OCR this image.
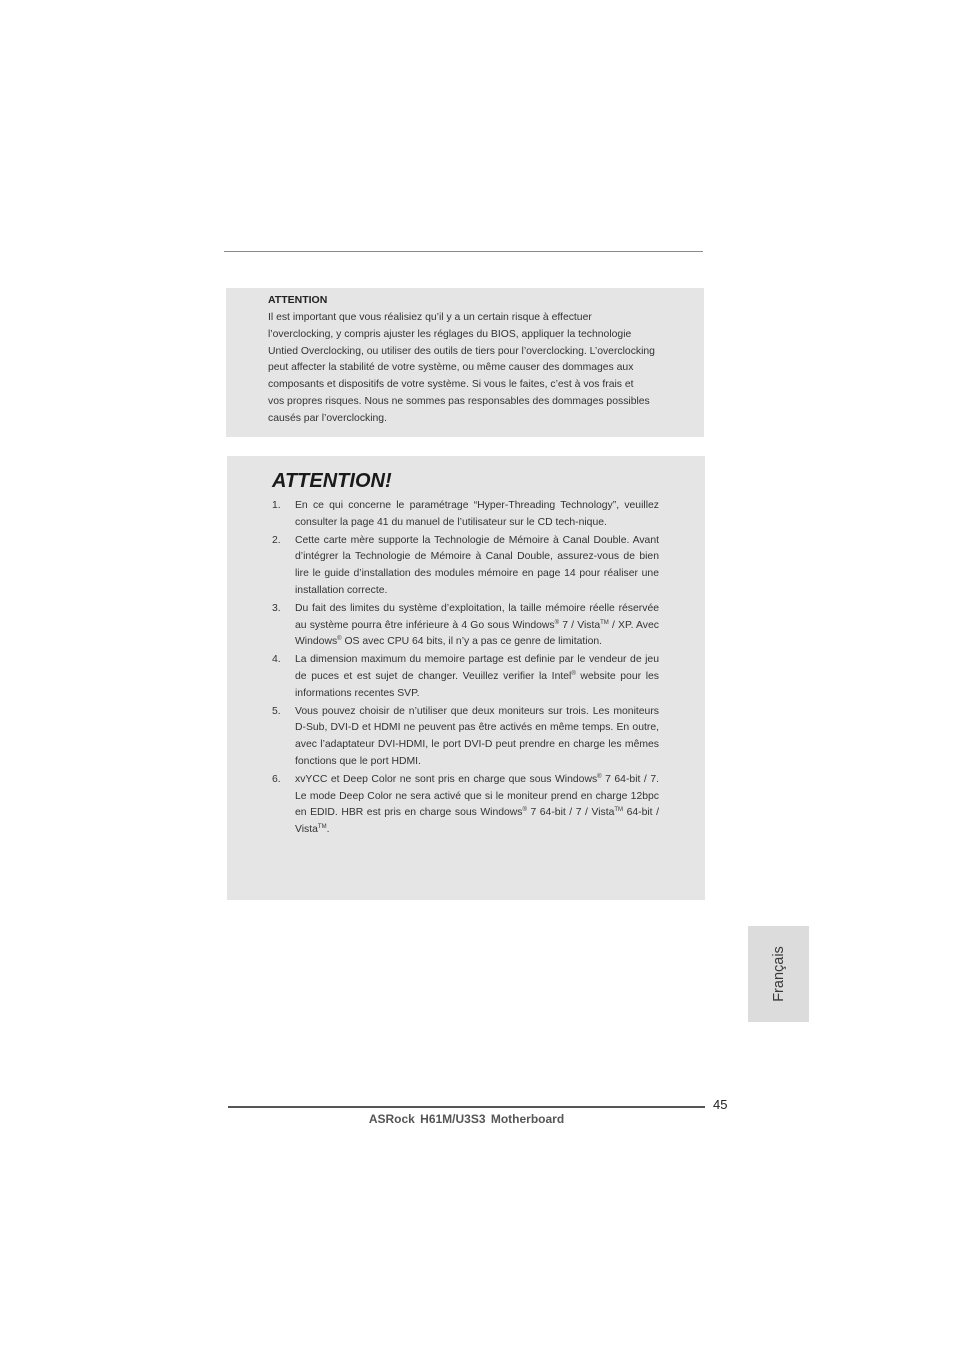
ATTENTION

Il est important que vous réalisiez qu’il y a un certain risque à effectuer
l’overclocking, y compris ajuster les réglages du BIOS, appliquer la technologie
Untied Overclocking, ou utiliser des outils de tiers pour l’overclocking. L’overclocking
peut affecter la stabilité de votre système, ou même causer des dommages aux
composants et dispositifs de votre système. Si vous le faites, c’est à vos frais et
vos propres risques. Nous ne sommes pas responsables des dommages possibles
causés par l’overclocking.

ATTENTION!
1. En ce qui concerne le paramétrage “Hyper-Threading Technology”, veuillez consulter la page 41 du manuel de l’utilisateur sur le CD tech-nique.
2. Cette carte mère supporte la Technologie de Mémoire à Canal Double. Avant d’intégrer la Technologie de Mémoire à Canal Double, assurez-vous de bien lire le guide d’installation des modules mémoire en page 14 pour réaliser une installation correcte.
3. Du fait des limites du système d’exploitation, la taille mémoire réelle réservée au système pourra être inférieure à 4 Go sous Windows® 7 / Vista™ / XP. Avec Windows® OS avec CPU 64 bits, il n’y a pas ce genre de limitation.
4. La dimension maximum du memoire partage est definie par le vendeur de jeu de puces et est sujet de changer. Veuillez verifier la Intel® website pour les informations recentes SVP.
5. Vous pouvez choisir de n’utiliser que deux moniteurs sur trois. Les moniteurs D-Sub, DVI-D et HDMI ne peuvent pas être activés en même temps. En outre, avec l’adaptateur DVI-HDMI, le port DVI-D peut prendre en charge les mêmes fonctions que le port HDMI.
6. xvYCC et Deep Color ne sont pris en charge que sous Windows® 7 64-bit / 7. Le mode Deep Color ne sera activé que si le moniteur prend en charge 12bpc en EDID. HBR est pris en charge sous Windows® 7 64-bit / 7 / Vista™ 64-bit / Vista™.
Français
45
ASRock H61M/U3S3 Motherboard
